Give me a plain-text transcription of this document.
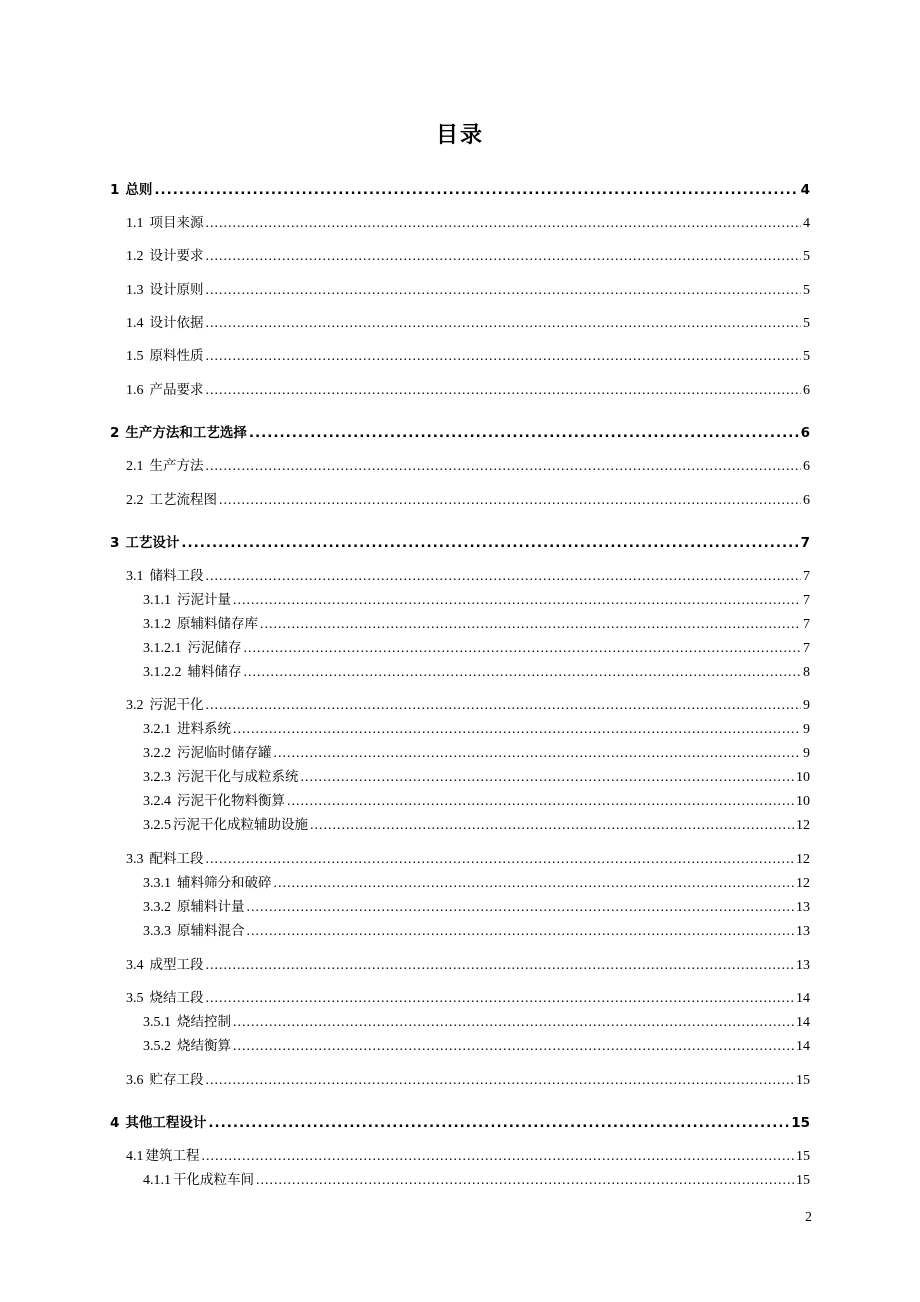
目录
1 总则 .....	4
1.1 项目来源 .....	4
1.2 设计要求 .....	5
1.3 设计原则 .....	5
1.4 设计依据 .....	5
1.5 原料性质 .....	5
1.6 产品要求 .....	6
2 生产方法和工艺选择 .....	6
2.1 生产方法 .....	6
2.2 工艺流程图 .....	6
3 工艺设计 .....	7
3.1 储料工段 .....	7
3.1.1 污泥计量 .....	7
3.1.2 原辅料储存库 .....	7
3.1.2.1 污泥储存 .....	7
3.1.2.2 辅料储存 .....	8
3.2 污泥干化 .....	9
3.2.1 进料系统 .....	9
3.2.2 污泥临时储存罐 .....	9
3.2.3 污泥干化与成粒系统 .....	10
3.2.4 污泥干化物料衡算 .....	10
3.2.5 污泥干化成粒辅助设施 .....	12
3.3 配料工段 .....	12
3.3.1 辅料筛分和破碎 .....	12
3.3.2 原辅料计量 .....	13
3.3.3 原辅料混合 .....	13
3.4 成型工段 .....	13
3.5 烧结工段 .....	14
3.5.1 烧结控制 .....	14
3.5.2 烧结衡算 .....	14
3.6 贮存工段 .....	15
4 其他工程设计 .....	15
4.1 建筑工程 .....	15
4.1.1 干化成粒车间 .....	15
2
